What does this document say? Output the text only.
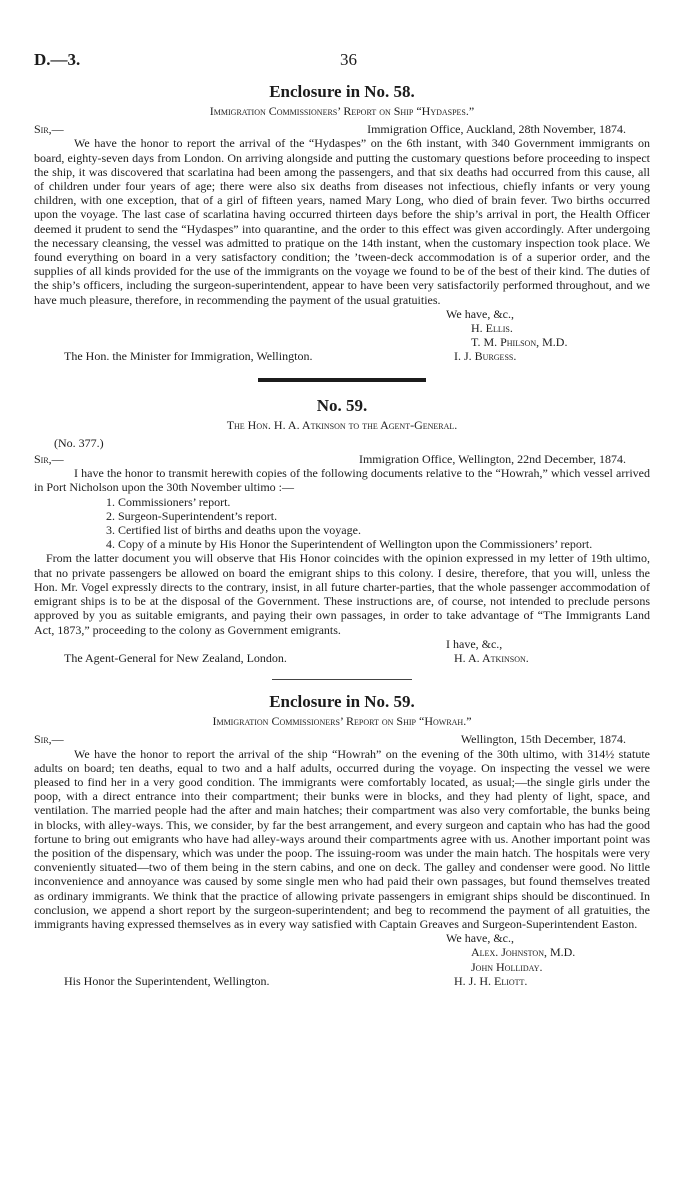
D.—3.	36
Enclosure in No. 58.
Immigration Commissioners’ Report on Ship “Hydaspes.”
Sir,—	Immigration Office, Auckland, 28th November, 1874.

We have the honor to report the arrival of the “Hydaspes” on the 6th instant, with 340 Government immigrants on board, eighty-seven days from London. On arriving alongside and putting the customary questions before proceeding to inspect the ship, it was discovered that scarlatina had been among the passengers, and that six deaths had occurred from this cause, all of children under four years of age; there were also six deaths from diseases not infectious, chiefly infants or very young children, with one exception, that of a girl of fifteen years, named Mary Long, who died of brain fever. Two births occurred upon the voyage. The last case of scarlatina having occurred thirteen days before the ship’s arrival in port, the Health Officer deemed it prudent to send the “Hydaspes” into quarantine, and the order to this effect was given accordingly. After undergoing the necessary cleansing, the vessel was admitted to pratique on the 14th instant, when the customary inspection took place. We found everything on board in a very satisfactory condition; the ’tween-deck accommodation is of a superior order, and the supplies of all kinds provided for the use of the immigrants on the voyage we found to be of the best of their kind. The duties of the ship’s officers, including the surgeon-superintendent, appear to have been very satisfactorily performed throughout, and we have much pleasure, therefore, in recommending the payment of the usual gratuities.

We have, &c.,
H. Ellis.
T. M. Philson, M.D.
The Hon. the Minister for Immigration, Wellington.	I. J. Burgess.
No. 59.
The Hon. H. A. Atkinson to the Agent-General.
(No. 377.)
Sir,—	Immigration Office, Wellington, 22nd December, 1874.

I have the honor to transmit herewith copies of the following documents relative to the “Howrah,” which vessel arrived in Port Nicholson upon the 30th November ultimo :—

1. Commissioners’ report.
2. Surgeon-Superintendent’s report.
3. Certified list of births and deaths upon the voyage.
4. Copy of a minute by His Honor the Superintendent of Wellington upon the Commissioners’ report.

From the latter document you will observe that His Honor coincides with the opinion expressed in my letter of 19th ultimo, that no private passengers be allowed on board the emigrant ships to this colony. I desire, therefore, that you will, unless the Hon. Mr. Vogel expressly directs to the contrary, insist, in all future charter-parties, that the whole passenger accommodation of emigrant ships is to be at the disposal of the Government. These instructions are, of course, not intended to preclude persons approved by you as suitable emigrants, and paying their own passages, in order to take advantage of “The Immigrants Land Act, 1873,” proceeding to the colony as Government emigrants.

I have, &c.,
The Agent-General for New Zealand, London.	H. A. Atkinson.
Enclosure in No. 59.
Immigration Commissioners’ Report on Ship “Howrah.”
Sir,—	Wellington, 15th December, 1874.

We have the honor to report the arrival of the ship “Howrah” on the evening of the 30th ultimo, with 314½ statute adults on board; ten deaths, equal to two and a half adults, occurred during the voyage. On inspecting the vessel we were pleased to find her in a very good condition. The immigrants were comfortably located, as usual;—the single girls under the poop, with a direct entrance into their compartment; their bunks were in blocks, and they had plenty of light, space, and ventilation. The married people had the after and main hatches; their compartment was also very comfortable, the bunks being in blocks, with alley-ways. This, we consider, by far the best arrangement, and every surgeon and captain who has had the good fortune to bring out emigrants who have had alley-ways around their compartments agree with us. Another important point was the position of the dispensary, which was under the poop. The issuing-room was under the main hatch. The hospitals were very conveniently situated—two of them being in the stern cabins, and one on deck. The galley and condenser were good. No little inconvenience and annoyance was caused by some single men who had paid their own passages, but found themselves treated as ordinary immigrants. We think that the practice of allowing private passengers in emigrant ships should be discontinued. In conclusion, we append a short report by the surgeon-superintendent; and beg to recommend the payment of all gratuities, the immigrants having expressed themselves as in every way satisfied with Captain Greaves and Surgeon-Superintendent Easton.

We have, &c.,
Alex. Johnston, M.D.
John Holliday.
His Honor the Superintendent, Wellington.	H. J. H. Eliott.
